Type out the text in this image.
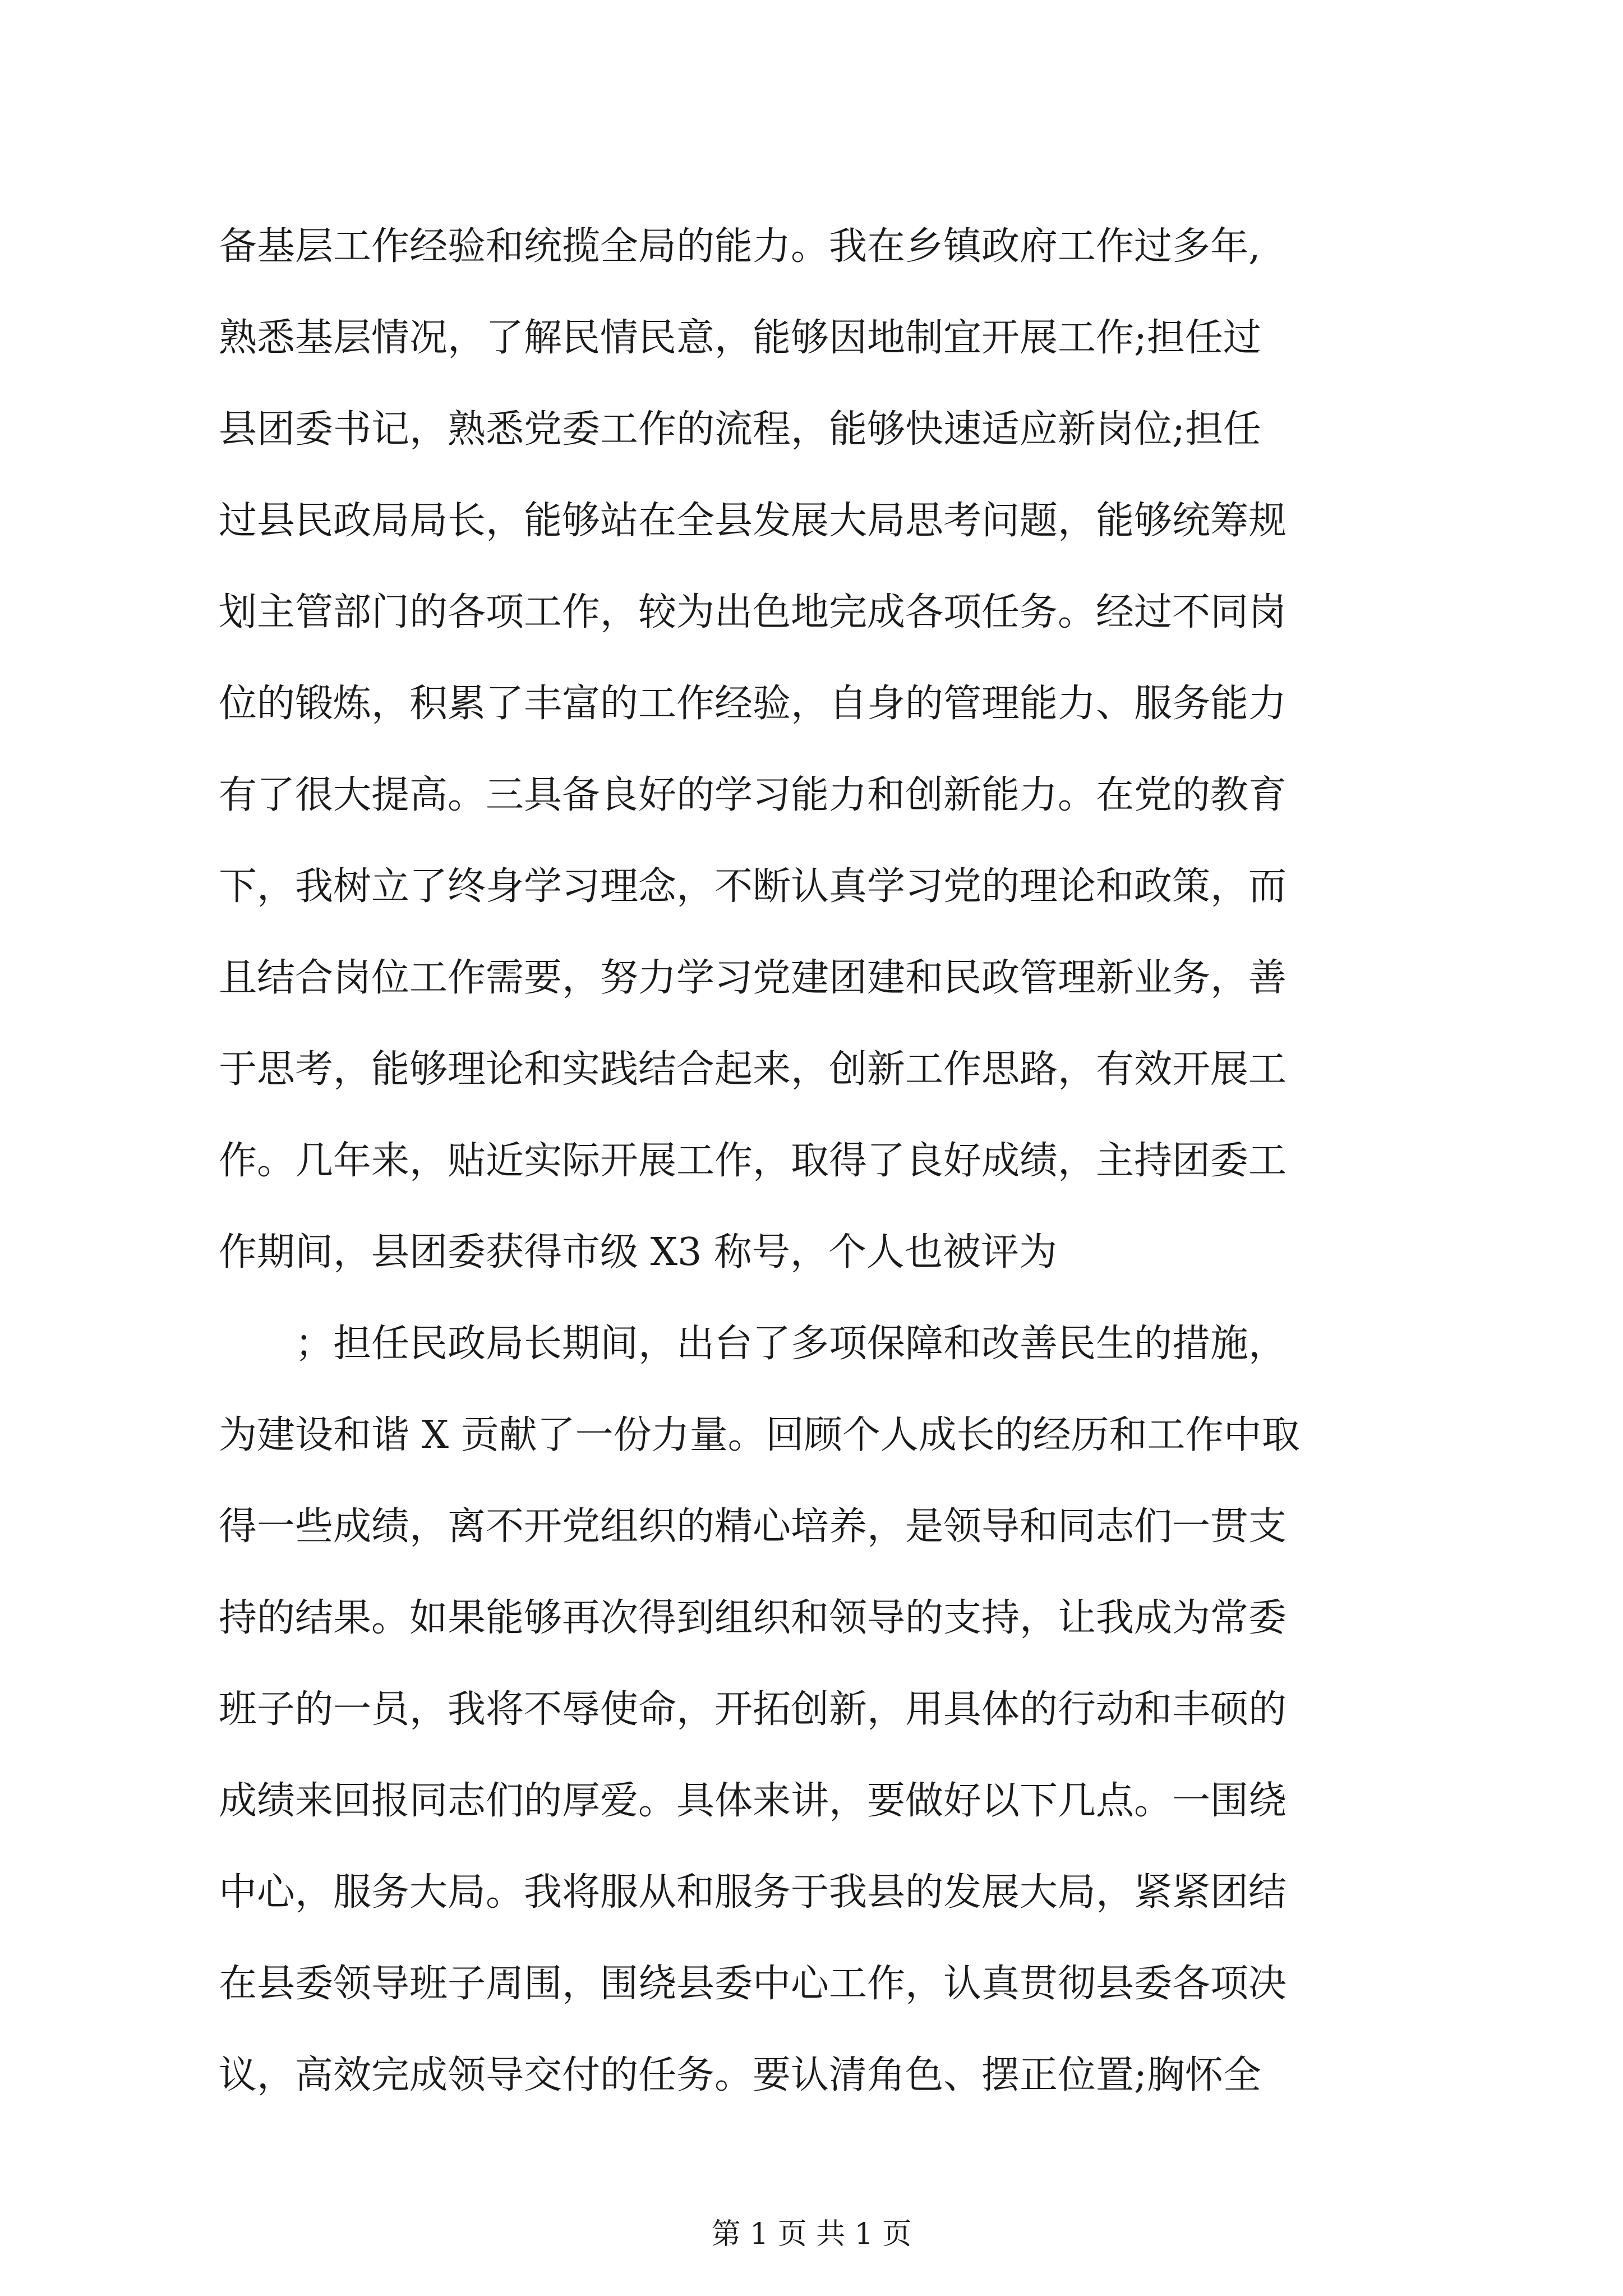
备基层工作经验和统揽全局的能力。我在乡镇政府工作过多年,
熟悉基层情况，了解民情民意，能够因地制宜开展工作;担任过
县团委书记，熟悉党委工作的流程，能够快速适应新岗位;担任
过县民政局局长，能够站在全县发展大局思考问题，能够统筹规
划主管部门的各项工作，较为出色地完成各项任务。经过不同岗
位的锻炼，积累了丰富的工作经验，自身的管理能力、服务能力
有了很大提高。三具备良好的学习能力和创新能力。在党的教育
下，我树立了终身学习理念，不断认真学习党的理论和政策，而
且结合岗位工作需要，努力学习党建团建和民政管理新业务，善
于思考，能够理论和实践结合起来，创新工作思路，有效开展工
作。几年来，贴近实际开展工作，取得了良好成绩，主持团委工
作期间，县团委获得市级 X3 称号，个人也被评为
　　；担任民政局长期间，出台了多项保障和改善民生的措施，
为建设和谐 X 贡献了一份力量。回顾个人成长的经历和工作中取
得一些成绩，离不开党组织的精心培养，是领导和同志们一贯支
持的结果。如果能够再次得到组织和领导的支持，让我成为常委
班子的一员，我将不辱使命，开拓创新，用具体的行动和丰硕的
成绩来回报同志们的厚爱。具体来讲，要做好以下几点。一围绕
中心，服务大局。我将服从和服务于我县的发展大局，紧紧团结
在县委领导班子周围，围绕县委中心工作，认真贯彻县委各项决
议，高效完成领导交付的任务。要认清角色、摆正位置;胸怀全
第 1 页 共 1 页
